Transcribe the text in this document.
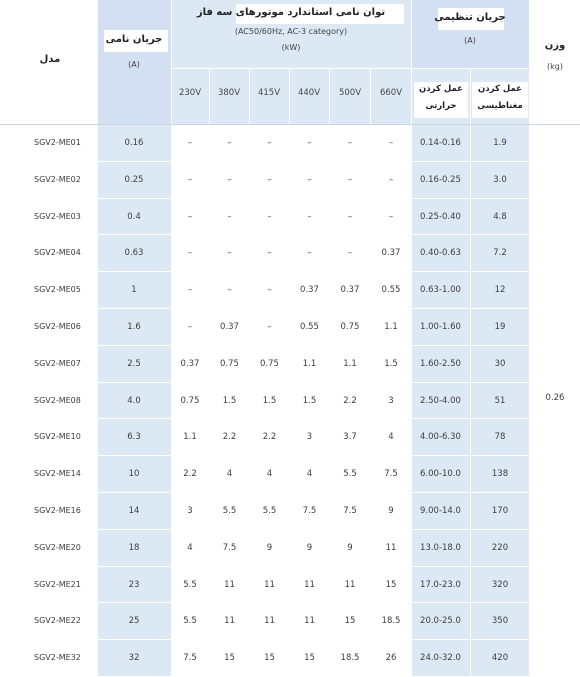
مدل
جریان نامی
(A)
توان نامی استاندارد موتورهای سه فاز
(AC50/60Hz, AC-3 category)
(kW)
جریان تنظیمی
(A)
عمل کردن
حرارتی
عمل کردن
مغناطیسی
وزن
(kg)
230V	380V	415V	440V	500V	660V
SGV2-ME01	0.16	–	–	–	–	–	–	0.14-0.16	1.9
SGV2-ME02	0.25	–	–	–	–	–	–	0.16-0.25	3.0
SGV2-ME03	0.4	–	–	–	–	–	–	0.25-0.40	4.8
SGV2-ME04	0.63	–	–	–	–	–	0.37	0.40-0.63	7.2
SGV2-ME05	1	–	–	–	0.37	0.37	0.55	0.63-1.00	12
SGV2-ME06	1.6	–	0.37	–	0.55	0.75	1.1	1.00-1.60	19
SGV2-ME07	2.5	0.37	0.75	0.75	1.1	1.1	1.5	1.60-2.50	30
SGV2-ME08	4.0	0.75	1.5	1.5	1.5	2.2	3	2.50-4.00	51
SGV2-ME10	6.3	1.1	2.2	2.2	3	3.7	4	4.00-6.30	78
SGV2-ME14	10	2.2	4	4	4	5.5	7.5	6.00-10.0	138
SGV2-ME16	14	3	5.5	5.5	7.5	7.5	9	9.00-14.0	170
SGV2-ME20	18	4	7.5	9	9	9	11	13.0-18.0	220
SGV2-ME21	23	5.5	11	11	11	11	15	17.0-23.0	320
SGV2-ME22	25	5.5	11	11	11	15	18.5	20.0-25.0	350
SGV2-ME32	32	7.5	15	15	15	18.5	26	24.0-32.0	420
0.26
